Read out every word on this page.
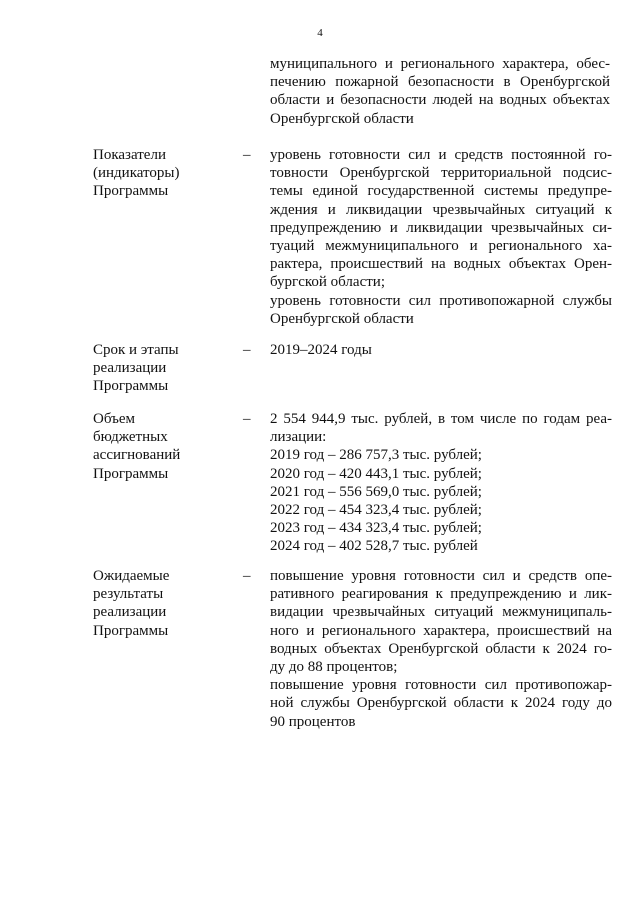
4
муниципального и регионального характера, обес-
печению пожарной безопасности в Оренбургской
области и безопасности людей на водных объектах
Оренбургской области
Показатели
(индикаторы)
Программы
– уровень готовности сил и средств постоянной го-
товности Оренбургской территориальной подсис-
темы единой государственной системы предупре-
ждения и ликвидации чрезвычайных ситуаций к
предупреждению и ликвидации чрезвычайных си-
туаций межмуниципального и регионального ха-
рактера, происшествий на водных объектах Орен-
бургской области;
уровень готовности сил противопожарной службы
Оренбургской области
Срок и этапы
реализации
Программы
– 2019–2024 годы
Объем
бюджетных
ассигнований
Программы
– 2 554 944,9 тыс. рублей, в том числе по годам реа-
лизации:
2019 год – 286 757,3 тыс. рублей;
2020 год – 420 443,1 тыс. рублей;
2021 год – 556 569,0 тыс. рублей;
2022 год – 454 323,4 тыс. рублей;
2023 год – 434 323,4 тыс. рублей;
2024 год – 402 528,7 тыс. рублей
Ожидаемые
результаты
реализации
Программы
– повышение уровня готовности сил и средств опе-
ративного реагирования к предупреждению и лик-
видации чрезвычайных ситуаций межмуниципаль-
ного и регионального характера, происшествий на
водных объектах Оренбургской области к 2024 го-
ду до 88 процентов;
повышение уровня готовности сил противопожар-
ной службы Оренбургской области к 2024 году до
90 процентов
